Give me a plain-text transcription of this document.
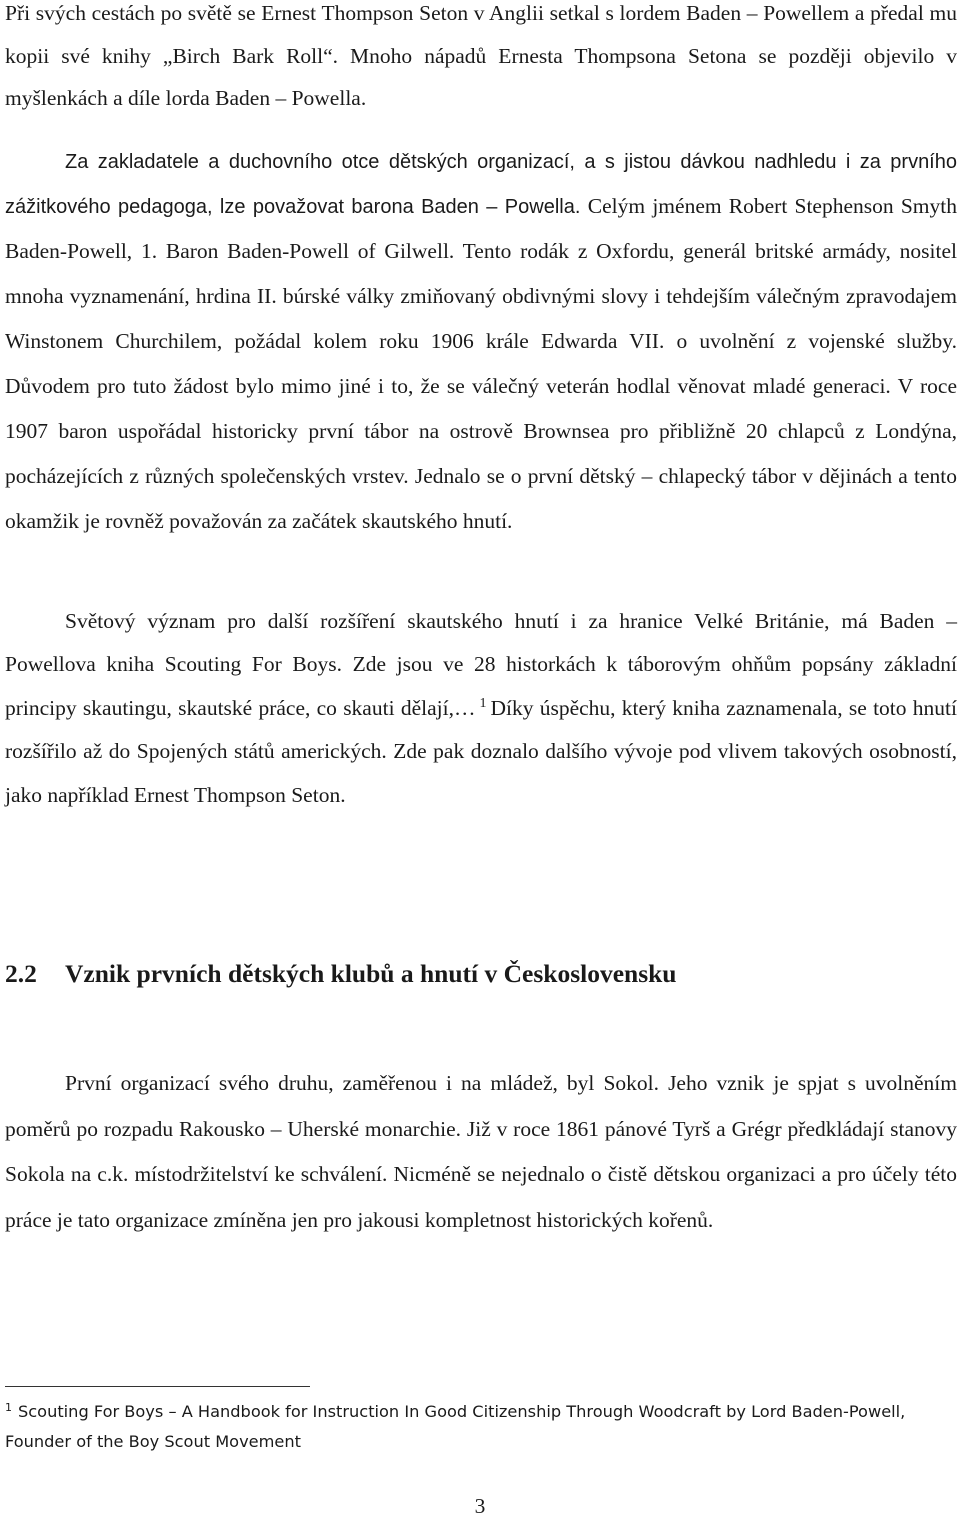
Při svých cestách po světě se Ernest Thompson Seton v Anglii setkal s lordem Baden – Powellem a předal mu kopii své knihy „Birch Bark Roll“. Mnoho nápadů Ernesta Thompsona Setona se později objevilo v myšlenkách a díle lorda Baden – Powella.

Za zakladatele a duchovního otce dětských organizací, a s jistou dávkou nadhledu i za prvního zážitkového pedagoga, lze považovat barona Baden – Powella. Celým jménem Robert Stephenson Smyth Baden-Powell, 1. Baron Baden-Powell of Gilwell. Tento rodák z Oxfordu, generál britské armády, nositel mnoha vyznamenání, hrdina II. búrské války zmiňovaný obdivnými slovy i tehdejším válečným zpravodajem Winstonem Churchilem, požádal kolem roku 1906 krále Edwarda VII. o uvolnění z vojenské služby. Důvodem pro tuto žádost bylo mimo jiné i to, že se válečný veterán hodlal věnovat mladé generaci. V roce 1907 baron uspořádal historicky první tábor na ostrově Brownsea pro přibližně 20 chlapců z Londýna, pocházejících z různých společenských vrstev. Jednalo se o první dětský – chlapecký tábor v dějinách a tento okamžik je rovněž považován za začátek skautského hnutí.

Světový význam pro další rozšíření skautského hnutí i za hranice Velké Británie, má Baden – Powellova kniha Scouting For Boys. Zde jsou ve 28 historkách k táborovým ohňům popsány základní principy skautingu, skautské práce, co skauti dělají,… $^1$ Díky úspěchu, který kniha zaznamenala, se toto hnutí rozšířilo až do Spojených států amerických. Zde pak doznalo dalšího vývoje pod vlivem takových osobností, jako například Ernest Thompson Seton.

2.2 Vznik prvních dětských klubů a hnutí v Československu

První organizací svého druhu, zaměřenou i na mládež, byl Sokol. Jeho vznik je spjat s uvolněním poměrů po rozpadu Rakousko – Uherské monarchie. Již v roce 1861 pánové Tyrš a Grégr předkládají stanovy Sokola na c.k. místodržitelství ke schválení. Nicméně se nejednalo o čistě dětskou organizaci a pro účely této práce je tato organizace zmíněna jen pro jakousi kompletnost historických kořenů.

$^1$ Scouting For Boys – A Handbook for Instruction In Good Citizenship Through Woodcraft by Lord Baden-Powell, Founder of the Boy Scout Movement

3
